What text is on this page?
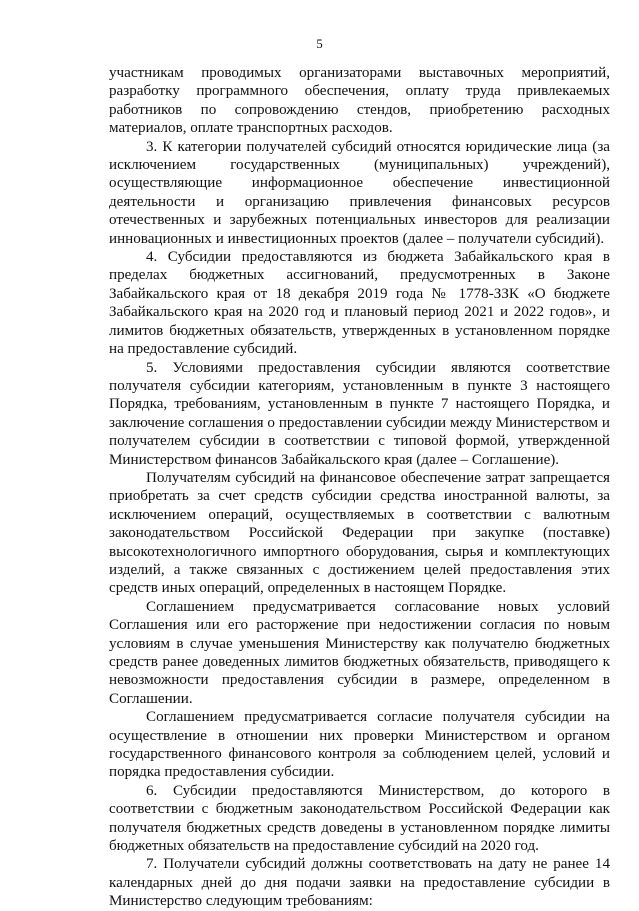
5

участникам проводимых организаторами выставочных мероприятий, разработку программного обеспечения, оплату труда привлекаемых работников по сопровождению стендов, приобретению расходных материалов, оплате транспортных расходов.

3. К категории получателей субсидий относятся юридические лица (за исключением государственных (муниципальных) учреждений), осуществляющие информационное обеспечение инвестиционной деятельности и организацию привлечения финансовых ресурсов отечественных и зарубежных потенциальных инвесторов для реализации инновационных и инвестиционных проектов (далее – получатели субсидий).

4. Субсидии предоставляются из бюджета Забайкальского края в пределах бюджетных ассигнований, предусмотренных в Законе Забайкальского края от 18 декабря 2019 года № 1778-ЗЗК «О бюджете Забайкальского края на 2020 год и плановый период 2021 и 2022 годов», и лимитов бюджетных обязательств, утвержденных в установленном порядке на предоставление субсидий.

5. Условиями предоставления субсидии являются соответствие получателя субсидии категориям, установленным в пункте 3 настоящего Порядка, требованиям, установленным в пункте 7 настоящего Порядка, и заключение соглашения о предоставлении субсидии между Министерством и получателем субсидии в соответствии с типовой формой, утвержденной Министерством финансов Забайкальского края (далее – Соглашение).

Получателям субсидий на финансовое обеспечение затрат запрещается приобретать за счет средств субсидии средства иностранной валюты, за исключением операций, осуществляемых в соответствии с валютным законодательством Российской Федерации при закупке (поставке) высокотехнологичного импортного оборудования, сырья и комплектующих изделий, а также связанных с достижением целей предоставления этих средств иных операций, определенных в настоящем Порядке.

Соглашением предусматривается согласование новых условий Соглашения или его расторжение при недостижении согласия по новым условиям в случае уменьшения Министерству как получателю бюджетных средств ранее доведенных лимитов бюджетных обязательств, приводящего к невозможности предоставления субсидии в размере, определенном в Соглашении.

Соглашением предусматривается согласие получателя субсидии на осуществление в отношении них проверки Министерством и органом государственного финансового контроля за соблюдением целей, условий и порядка предоставления субсидии.

6. Субсидии предоставляются Министерством, до которого в соответствии с бюджетным законодательством Российской Федерации как получателя бюджетных средств доведены в установленном порядке лимиты бюджетных обязательств на предоставление субсидий на 2020 год.

7. Получатели субсидий должны соответствовать на дату не ранее 14 календарных дней до дня подачи заявки на предоставление субсидии в Министерство следующим требованиям:
